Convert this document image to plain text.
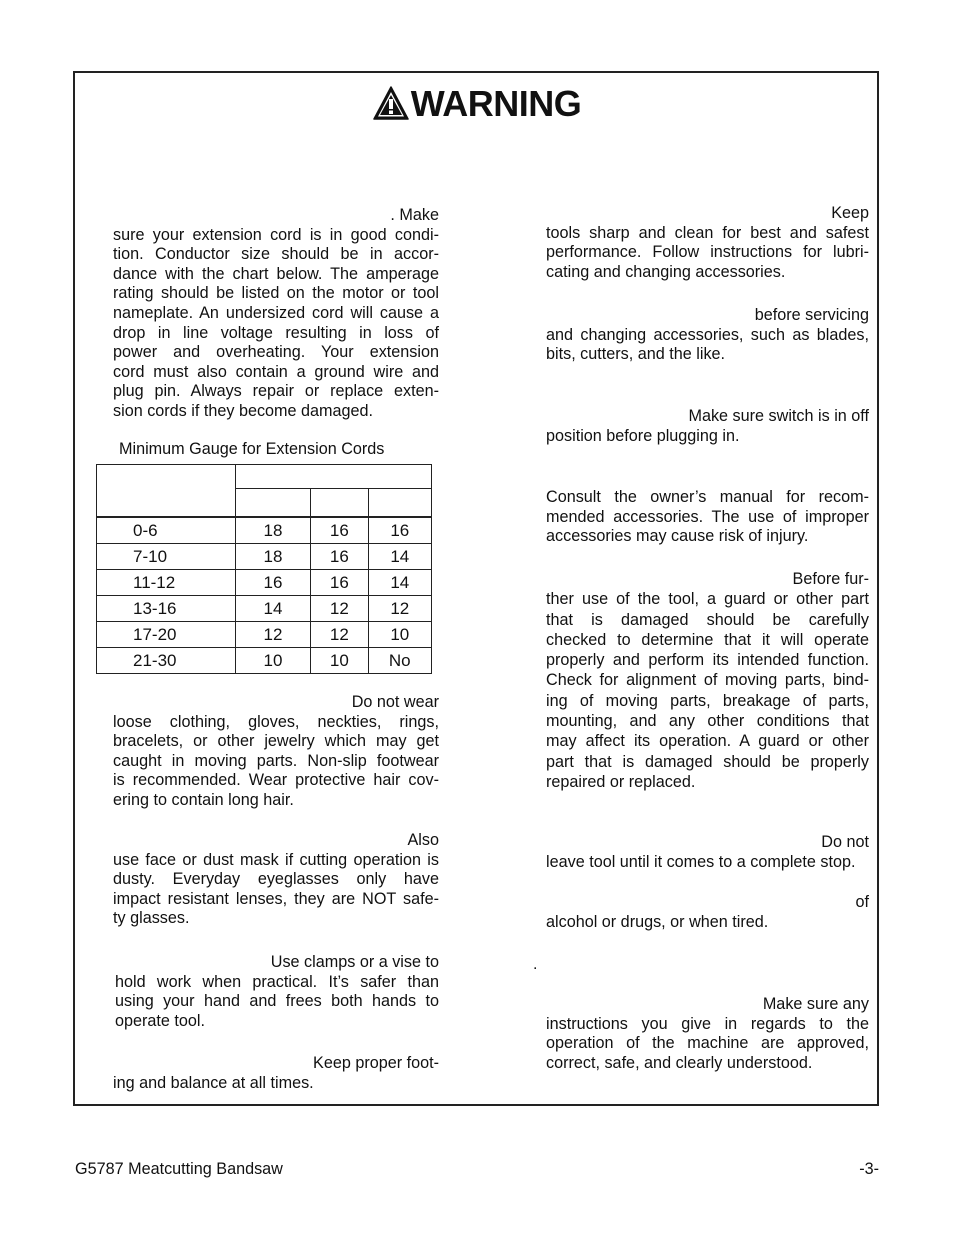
WARNING
. Make
sure your extension cord is in good condi-
tion. Conductor size should be in accor-
dance with the chart below. The amperage
rating should be listed on the motor or tool
nameplate. An undersized cord will cause a
drop in line voltage resulting in loss of
power and overheating. Your extension
cord must also contain a ground wire and
plug pin. Always repair or replace exten-
sion cords if they become damaged.
Minimum Gauge for Extension Cords

0-6	18	16	16
7-10	18	16	14
11-12	16	16	14
13-16	14	12	12
17-20	12	12	10
21-30	10	10	No
Do not wear
loose clothing, gloves, neckties, rings,
bracelets, or other jewelry which may get
caught in moving parts. Non-slip footwear
is recommended. Wear protective hair cov-
ering to contain long hair.
Also
use face or dust mask if cutting operation is
dusty. Everyday eyeglasses only have
impact resistant lenses, they are NOT safe-
ty glasses.
Use clamps or a vise to
hold work when practical. It’s safer than
using your hand and frees both hands to
operate tool.
Keep proper foot-
ing and balance at all times.
Keep
tools sharp and clean for best and safest
performance. Follow instructions for lubri-
cating and changing accessories.
before servicing
and changing accessories, such as blades,
bits, cutters, and the like.
Make sure switch is in off
position before plugging in.
Consult the owner’s manual for recom-
mended accessories. The use of improper
accessories may cause risk of injury.
Before fur-
ther use of the tool, a guard or other part
that is damaged should be carefully
checked to determine that it will operate
properly and perform its intended function.
Check for alignment of moving parts, bind-
ing of moving parts, breakage of parts,
mounting, and any other conditions that
may affect its operation. A guard or other
part that is damaged should be properly
repaired or replaced.
Do not
leave tool until it comes to a complete stop.
of
alcohol or drugs, or when tired.
.
Make sure any
instructions you give in regards to the
operation of the machine are approved,
correct, safe, and clearly understood.
G5787 Meatcutting Bandsaw	-3-
